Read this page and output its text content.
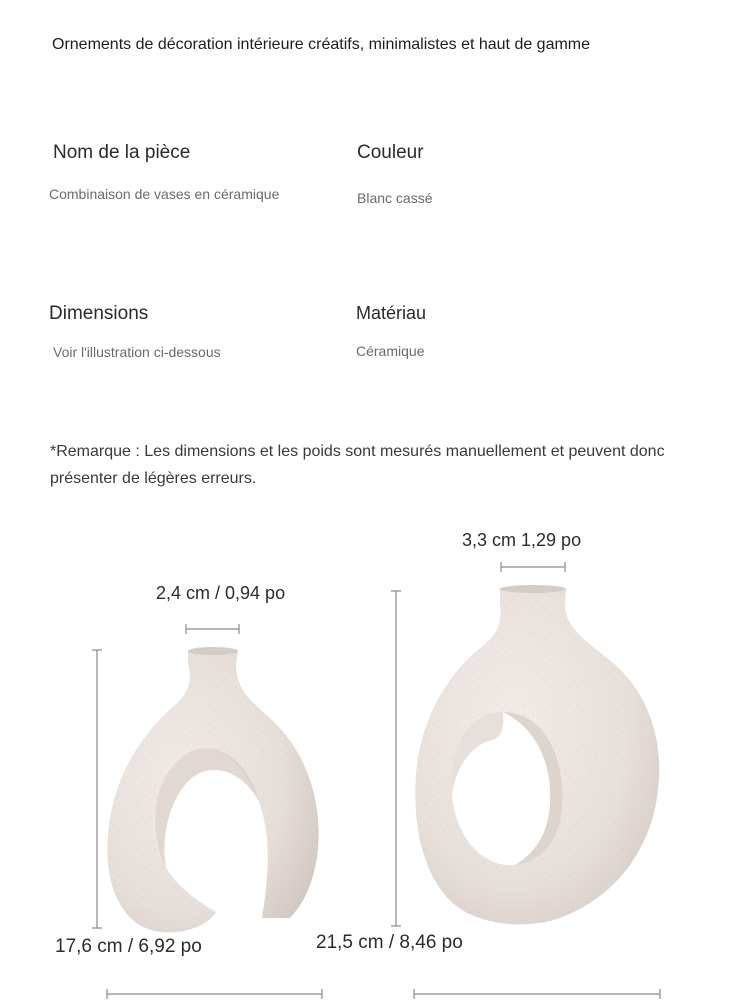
Ornements de décoration intérieure créatifs, minimalistes et haut de gamme
Nom de la pièce
Combinaison de vases en céramique
Couleur
Blanc cassé
Dimensions
Voir l'illustration ci-dessous
Matériau
Céramique
*Remarque : Les dimensions et les poids sont mesurés manuellement et peuvent donc présenter de légères erreurs.
2,4 cm / 0,94 po
17,6 cm / 6,92 po
3,3 cm 1,29 po
21,5 cm / 8,46 po
